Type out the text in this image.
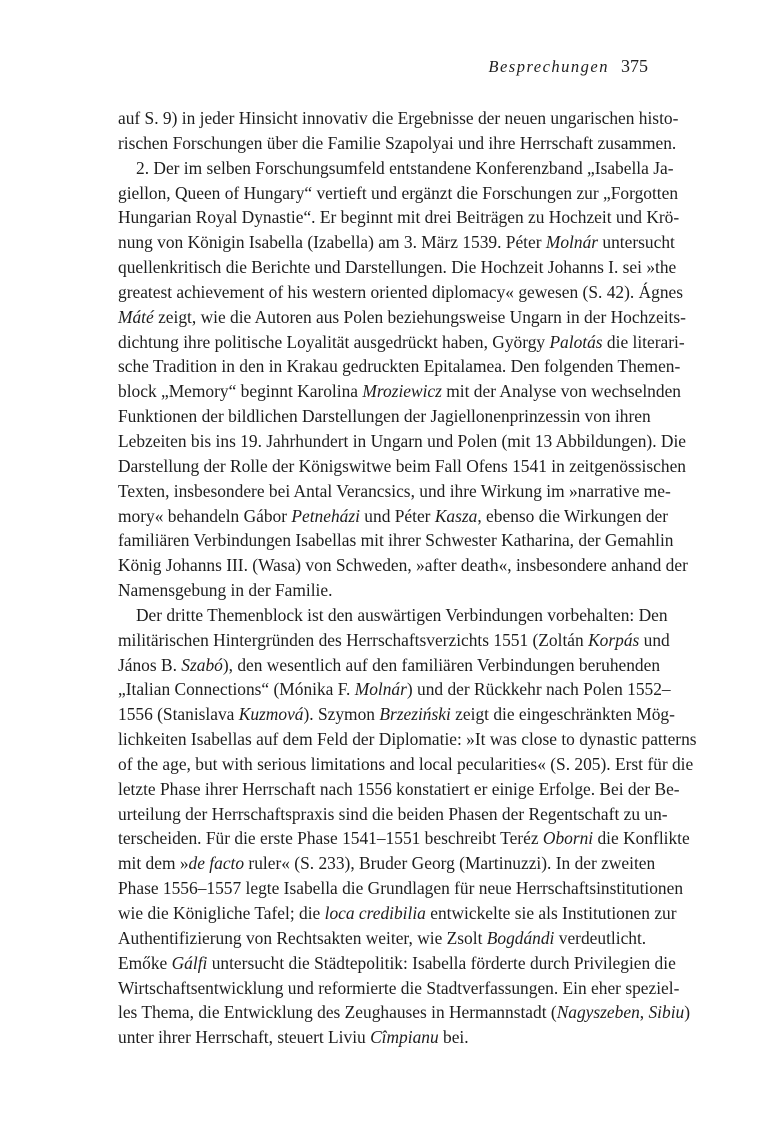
Besprechungen 375
auf S. 9) in jeder Hinsicht innovativ die Ergebnisse der neuen ungarischen histo-
rischen Forschungen über die Familie Szapolyai und ihre Herrschaft zusammen.
2. Der im selben Forschungsumfeld entstandene Konferenzband „Isabella Ja-
giellon, Queen of Hungary“ vertieft und ergänzt die Forschungen zur „Forgotten
Hungarian Royal Dynastie“. Er beginnt mit drei Beiträgen zu Hochzeit und Krö-
nung von Königin Isabella (Izabella) am 3. März 1539. Péter Molnár untersucht
quellenkritisch die Berichte und Darstellungen. Die Hochzeit Johanns I. sei »the
greatest achievement of his western oriented diplomacy« gewesen (S. 42). Ágnes
Máté zeigt, wie die Autoren aus Polen beziehungsweise Ungarn in der Hochzeits-
dichtung ihre politische Loyalität ausgedrückt haben, György Palotás die literari-
sche Tradition in den in Krakau gedruckten Epitalamea. Den folgenden Themen-
block „Memory“ beginnt Karolina Mroziewicz mit der Analyse von wechselnden
Funktionen der bildlichen Darstellungen der Jagiellonenprinzessin von ihren
Lebzeiten bis ins 19. Jahrhundert in Ungarn und Polen (mit 13 Abbildungen). Die
Darstellung der Rolle der Königswitwe beim Fall Ofens 1541 in zeitgenössischen
Texten, insbesondere bei Antal Verancsics, und ihre Wirkung im »narrative me-
mory« behandeln Gábor Petneházi und Péter Kasza, ebenso die Wirkungen der
familiären Verbindungen Isabellas mit ihrer Schwester Katharina, der Gemahlin
König Johanns III. (Wasa) von Schweden, »after death«, insbesondere anhand der
Namensgebung in der Familie.
Der dritte Themenblock ist den auswärtigen Verbindungen vorbehalten: Den
militärischen Hintergründen des Herrschaftsverzichts 1551 (Zoltán Korpás und
János B. Szabó), den wesentlich auf den familiären Verbindungen beruhenden
„Italian Connections“ (Mónika F. Molnár) und der Rückkehr nach Polen 1552–
1556 (Stanislava Kuzmová). Szymon Brzeziński zeigt die eingeschränkten Mög-
lichkeiten Isabellas auf dem Feld der Diplomatie: »It was close to dynastic patterns
of the age, but with serious limitations and local pecularities« (S. 205). Erst für die
letzte Phase ihrer Herrschaft nach 1556 konstatiert er einige Erfolge. Bei der Be-
urteilung der Herrschaftspraxis sind die beiden Phasen der Regentschaft zu un-
terscheiden. Für die erste Phase 1541–1551 beschreibt Teréz Oborni die Konflikte
mit dem »de facto ruler« (S. 233), Bruder Georg (Martinuzzi). In der zweiten
Phase 1556–1557 legte Isabella die Grundlagen für neue Herrschaftsinstitutionen
wie die Königliche Tafel; die loca credibilia entwickelte sie als Institutionen zur
Authentifizierung von Rechtsakten weiter, wie Zsolt Bogdándi verdeutlicht.
Emőke Gálfi untersucht die Städtepolitik: Isabella förderte durch Privilegien die
Wirtschaftsentwicklung und reformierte die Stadtverfassungen. Ein eher speziel-
les Thema, die Entwicklung des Zeughauses in Hermannstadt (Nagyszeben, Sibiu)
unter ihrer Herrschaft, steuert Liviu Cîmpianu bei.
